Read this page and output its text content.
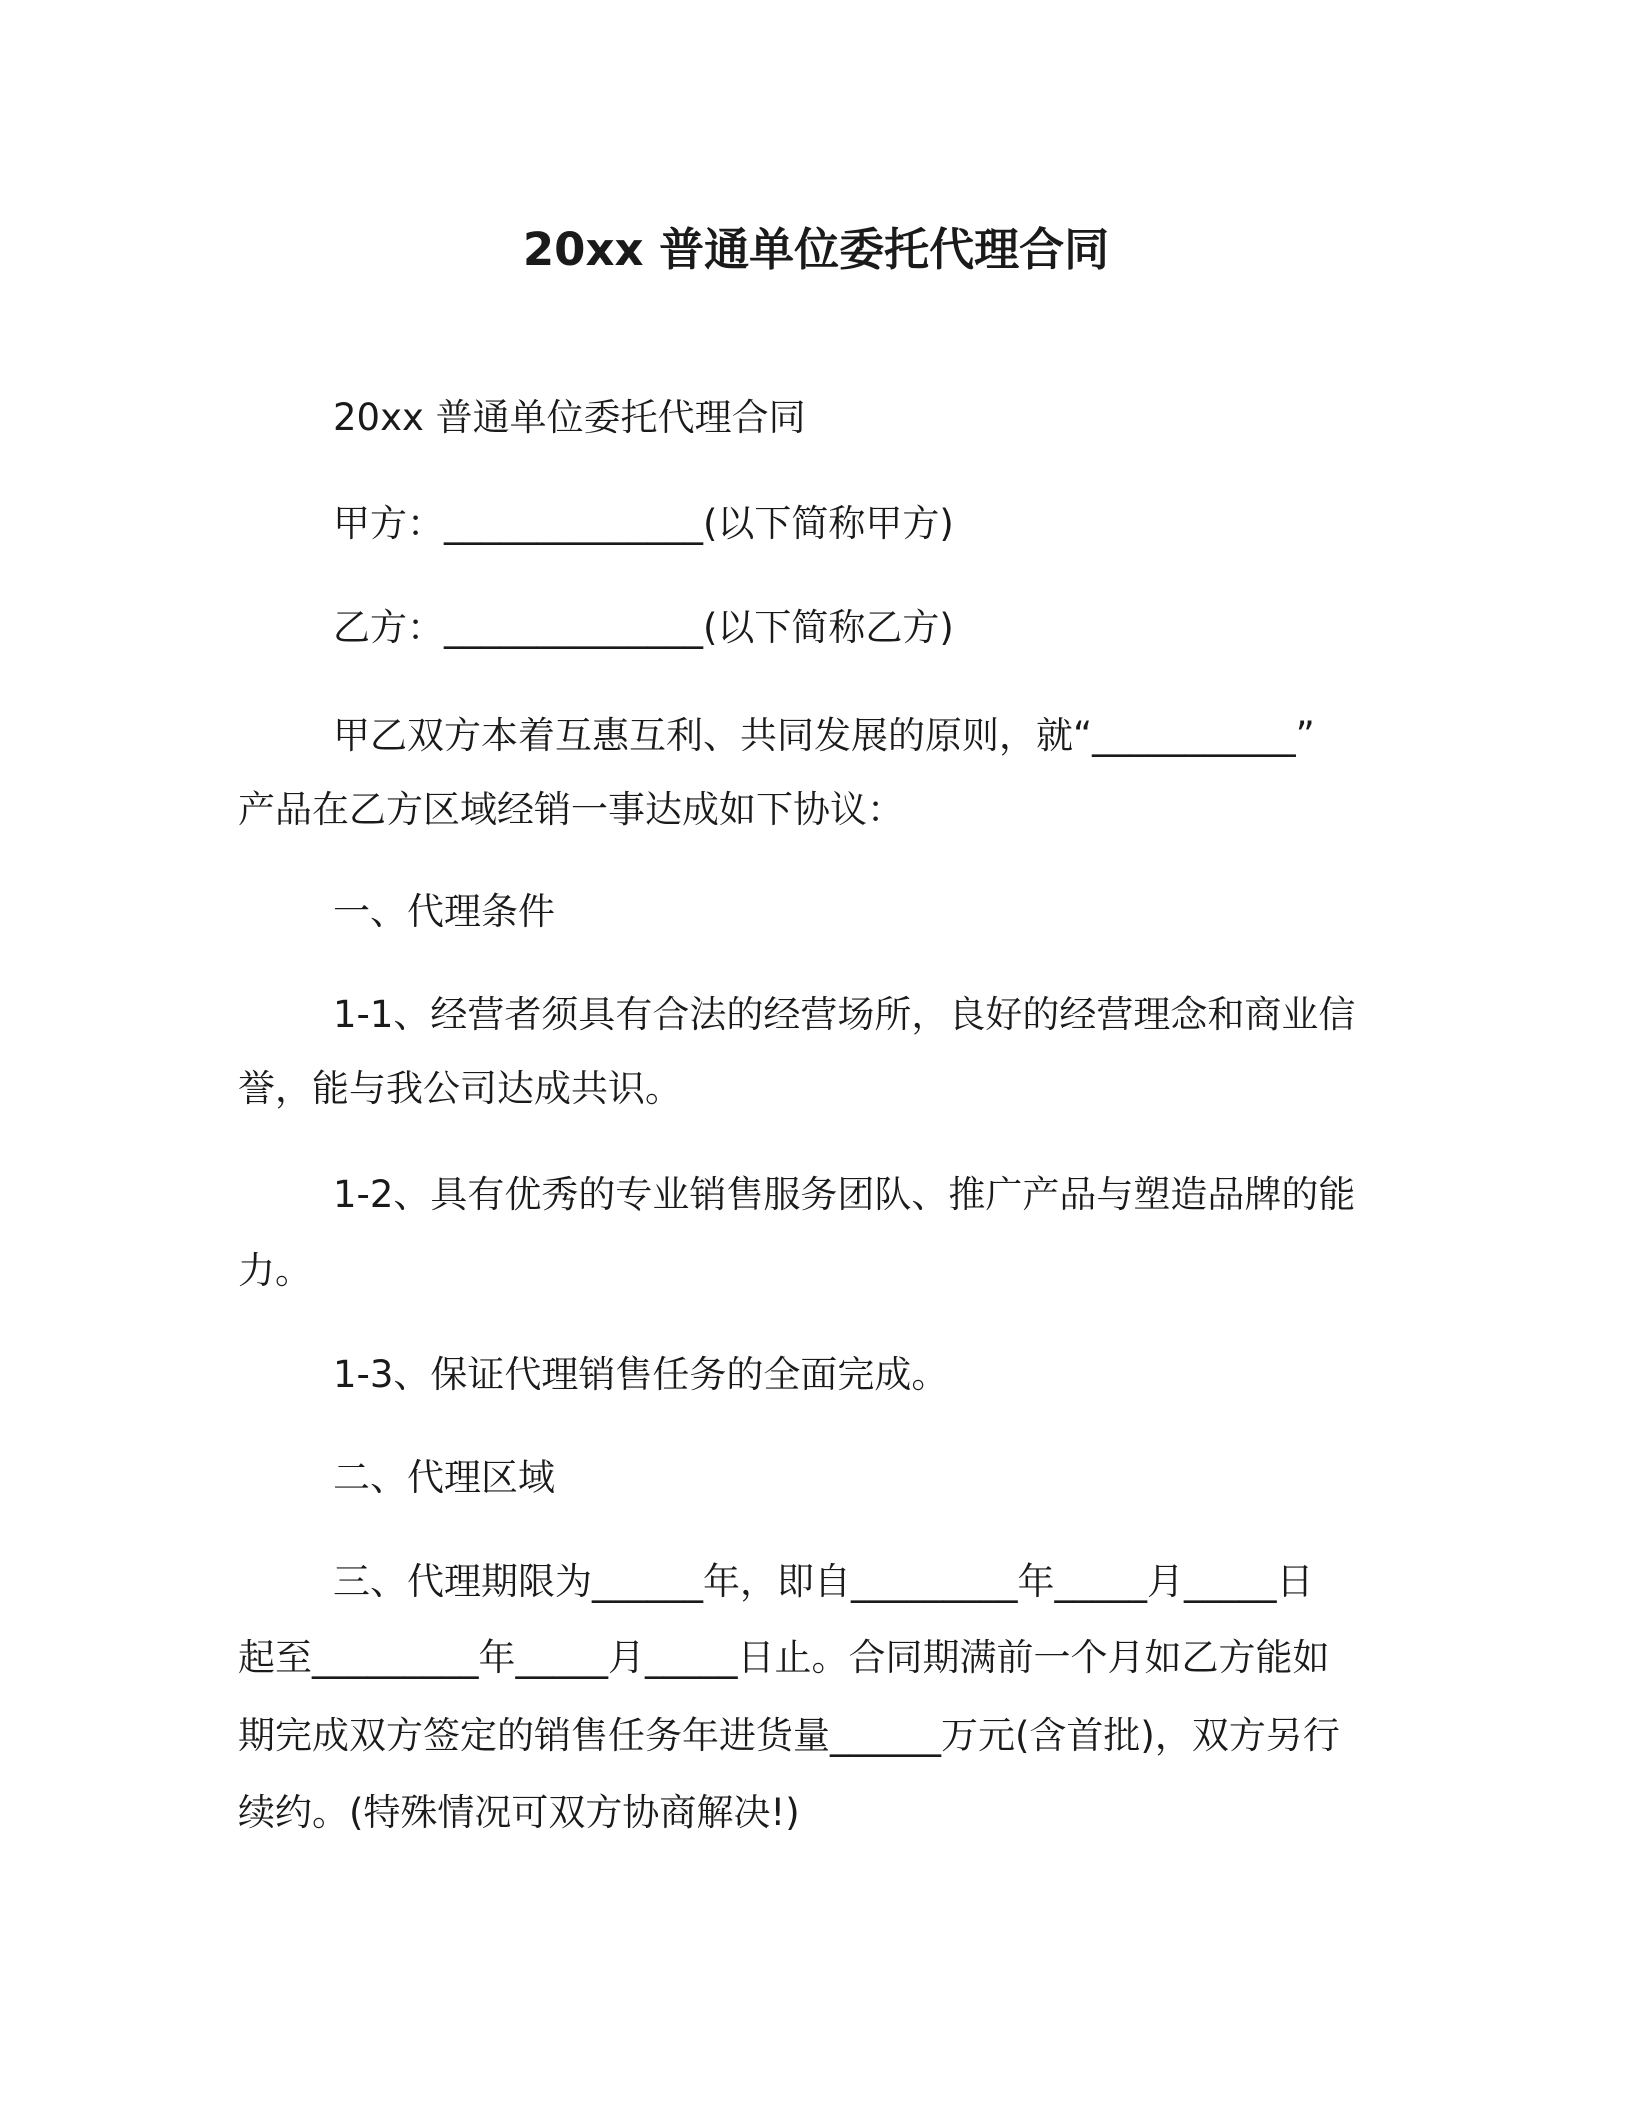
20xx 普通单位委托代理合同
20xx 普通单位委托代理合同
甲方：______________(以下简称甲方)
乙方：______________(以下简称乙方)
甲乙双方本着互惠互利、共同发展的原则，就“___________”
产品在乙方区域经销一事达成如下协议：
一、代理条件
1-1、经营者须具有合法的经营场所，良好的经营理念和商业信
誉，能与我公司达成共识。
1-2、具有优秀的专业销售服务团队、推广产品与塑造品牌的能
力。
1-3、保证代理销售任务的全面完成。
二、代理区域
三、代理期限为______年，即自_________年_____月_____日
起至_________年_____月_____日止。合同期满前一个月如乙方能如
期完成双方签定的销售任务年进货量______万元(含首批)，双方另行
续约。(特殊情况可双方协商解决!)
